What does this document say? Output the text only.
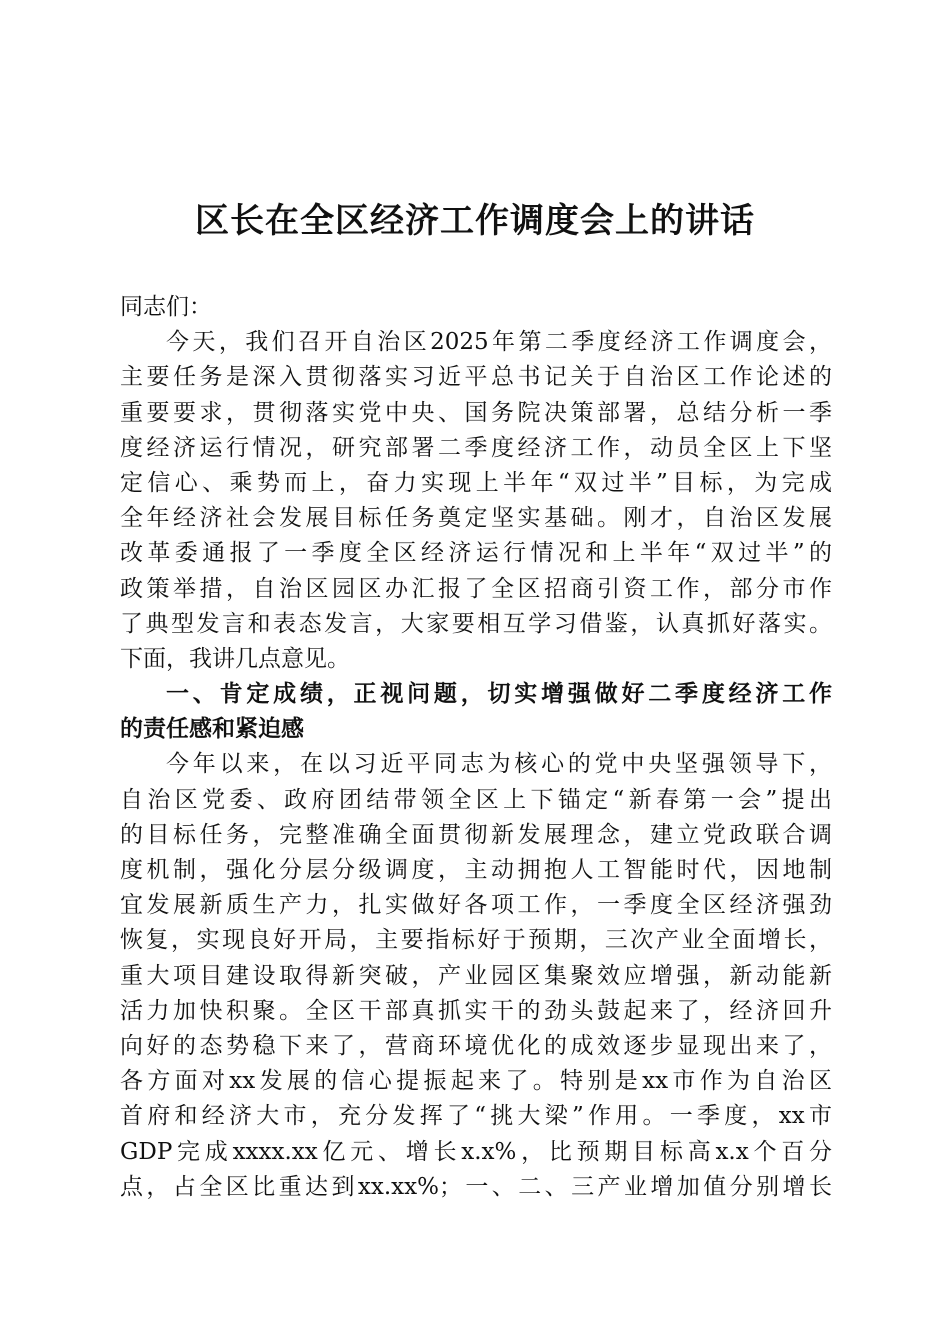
区长在全区经济工作调度会上的讲话
同志们：
今天，我们召开自治区2025年第二季度经济工作调度会，
主要任务是深入贯彻落实习近平总书记关于自治区工作论述的
重要要求，贯彻落实党中央、国务院决策部署，总结分析一季
度经济运行情况，研究部署二季度经济工作，动员全区上下坚
定信心、乘势而上，奋力实现上半年“双过半”目标，为完成
全年经济社会发展目标任务奠定坚实基础。刚才，自治区发展
改革委通报了一季度全区经济运行情况和上半年“双过半”的
政策举措，自治区园区办汇报了全区招商引资工作，部分市作
了典型发言和表态发言，大家要相互学习借鉴，认真抓好落实。
下面，我讲几点意见。
一、肯定成绩，正视问题，切实增强做好二季度经济工作
的责任感和紧迫感
今年以来，在以习近平同志为核心的党中央坚强领导下，
自治区党委、政府团结带领全区上下锚定“新春第一会”提出
的目标任务，完整准确全面贯彻新发展理念，建立党政联合调
度机制，强化分层分级调度，主动拥抱人工智能时代，因地制
宜发展新质生产力，扎实做好各项工作，一季度全区经济强劲
恢复，实现良好开局，主要指标好于预期，三次产业全面增长，
重大项目建设取得新突破，产业园区集聚效应增强，新动能新
活力加快积聚。全区干部真抓实干的劲头鼓起来了，经济回升
向好的态势稳下来了，营商环境优化的成效逐步显现出来了，
各方面对xx发展的信心提振起来了。特别是xx市作为自治区
首府和经济大市，充分发挥了“挑大梁”作用。一季度，xx市
GDP完成xxxx.xx亿元、增长x.x%，比预期目标高x.x个百分
点，占全区比重达到xx.xx%；一、二、三产业增加值分别增长
